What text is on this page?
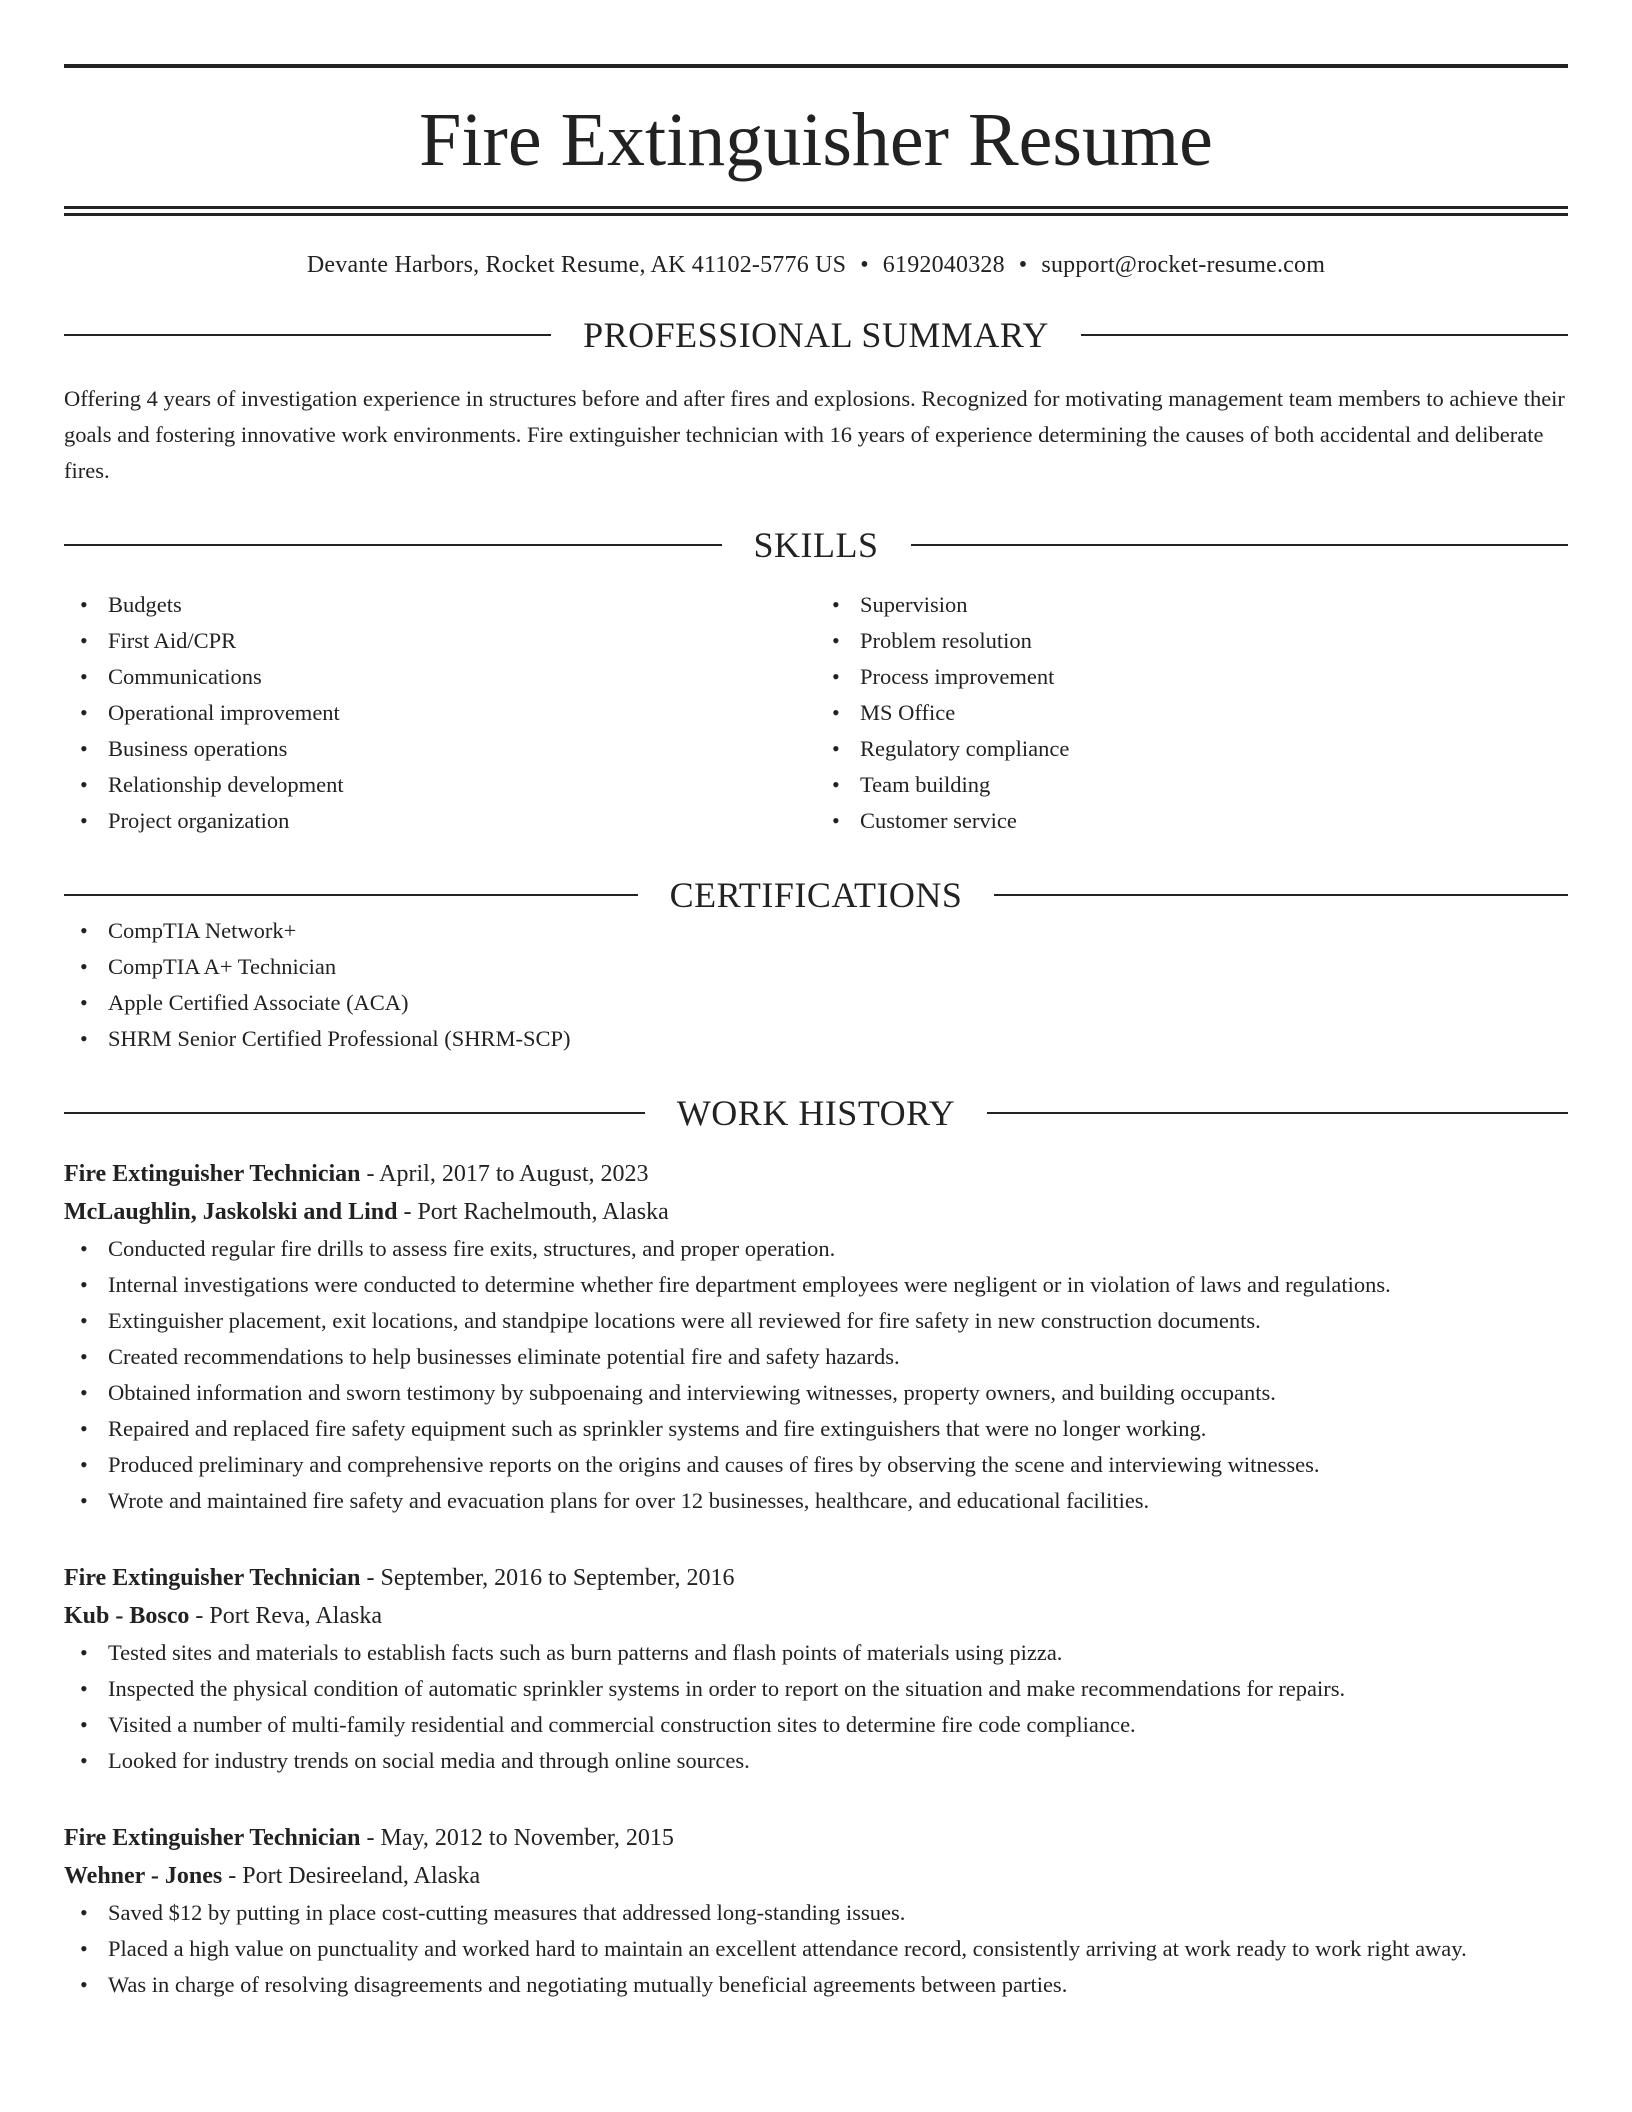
Fire Extinguisher Resume
Devante Harbors, Rocket Resume, AK 41102-5776 US • 6192040328 • support@rocket-resume.com
PROFESSIONAL SUMMARY
Offering 4 years of investigation experience in structures before and after fires and explosions. Recognized for motivating management team members to achieve their goals and fostering innovative work environments. Fire extinguisher technician with 16 years of experience determining the causes of both accidental and deliberate fires.
SKILLS
• Budgets
• First Aid/CPR
• Communications
• Operational improvement
• Business operations
• Relationship development
• Project organization
• Supervision
• Problem resolution
• Process improvement
• MS Office
• Regulatory compliance
• Team building
• Customer service
CERTIFICATIONS
• CompTIA Network+
• CompTIA A+ Technician
• Apple Certified Associate (ACA)
• SHRM Senior Certified Professional (SHRM-SCP)
WORK HISTORY
Fire Extinguisher Technician - April, 2017 to August, 2023
McLaughlin, Jaskolski and Lind - Port Rachelmouth, Alaska
• Conducted regular fire drills to assess fire exits, structures, and proper operation.
• Internal investigations were conducted to determine whether fire department employees were negligent or in violation of laws and regulations.
• Extinguisher placement, exit locations, and standpipe locations were all reviewed for fire safety in new construction documents.
• Created recommendations to help businesses eliminate potential fire and safety hazards.
• Obtained information and sworn testimony by subpoenaing and interviewing witnesses, property owners, and building occupants.
• Repaired and replaced fire safety equipment such as sprinkler systems and fire extinguishers that were no longer working.
• Produced preliminary and comprehensive reports on the origins and causes of fires by observing the scene and interviewing witnesses.
• Wrote and maintained fire safety and evacuation plans for over 12 businesses, healthcare, and educational facilities.
Fire Extinguisher Technician - September, 2016 to September, 2016
Kub - Bosco - Port Reva, Alaska
• Tested sites and materials to establish facts such as burn patterns and flash points of materials using pizza.
• Inspected the physical condition of automatic sprinkler systems in order to report on the situation and make recommendations for repairs.
• Visited a number of multi-family residential and commercial construction sites to determine fire code compliance.
• Looked for industry trends on social media and through online sources.
Fire Extinguisher Technician - May, 2012 to November, 2015
Wehner - Jones - Port Desireeland, Alaska
• Saved $12 by putting in place cost-cutting measures that addressed long-standing issues.
• Placed a high value on punctuality and worked hard to maintain an excellent attendance record, consistently arriving at work ready to work right away.
• Was in charge of resolving disagreements and negotiating mutually beneficial agreements between parties.
